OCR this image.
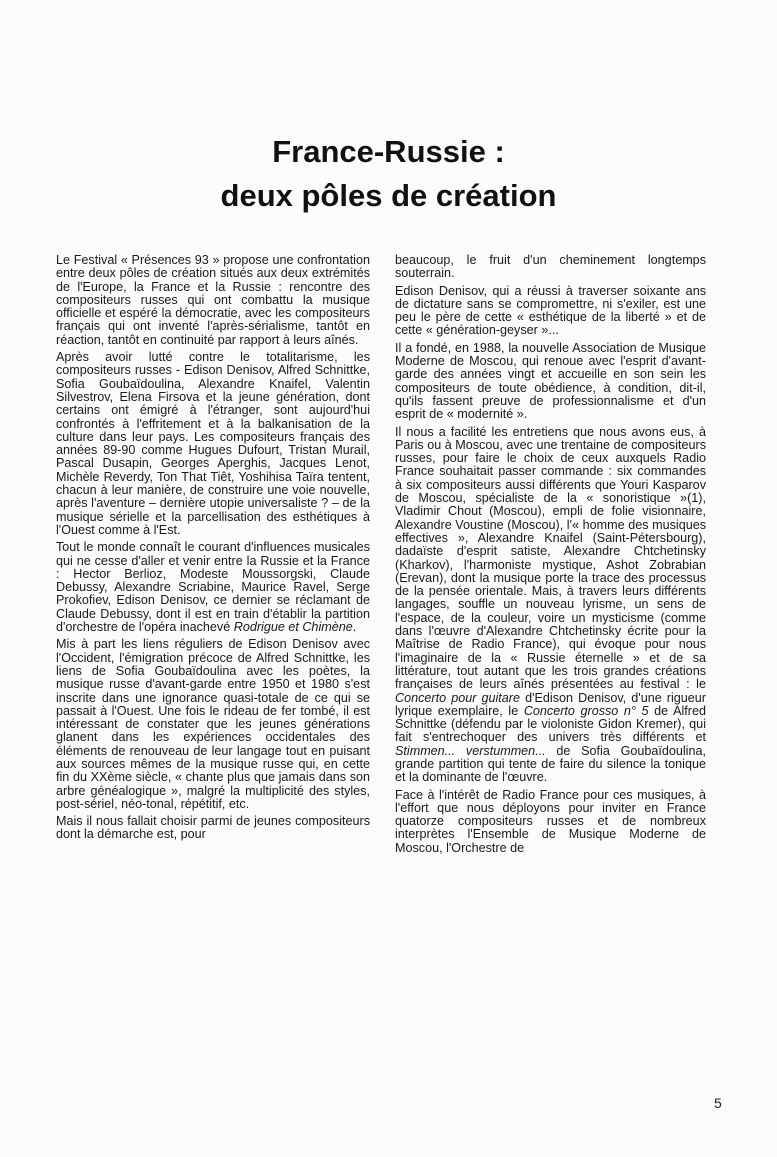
France-Russie :
deux pôles de création

Le Festival « Présences 93 » propose une confrontation entre deux pôles de création situés aux deux extrémités de l'Europe, la France et la Russie : rencontre des compositeurs russes qui ont combattu la musique officielle et espéré la démocratie, avec les compositeurs français qui ont inventé l'après-sérialisme, tantôt en réaction, tantôt en continuité par rapport à leurs aînés.

Après avoir lutté contre le totalitarisme, les compositeurs russes - Edison Denisov, Alfred Schnittke, Sofia Goubaïdoulina, Alexandre Knaifel, Valentin Silvestrov, Elena Firsova et la jeune génération, dont certains ont émigré à l'étranger, sont aujourd'hui confrontés à l'effritement et à la balkanisation de la culture dans leur pays. Les compositeurs français des années 89-90 comme Hugues Dufourt, Tristan Murail, Pascal Dusapin, Georges Aperghis, Jacques Lenot, Michèle Reverdy, Ton That Tiêt, Yoshihisa Taïra tentent, chacun à leur manière, de construire une voie nouvelle, après l'aventure – dernière utopie universaliste ? – de la musique sérielle et la parcellisation des esthétiques à l'Ouest comme à l'Est.

Tout le monde connaît le courant d'influences musicales qui ne cesse d'aller et venir entre la Russie et la France : Hector Berlioz, Modeste Moussorgski, Claude Debussy, Alexandre Scriabine, Maurice Ravel, Serge Prokofiev, Edison Denisov, ce dernier se réclamant de Claude Debussy, dont il est en train d'établir la partition d'orchestre de l'opéra inachevé Rodrigue et Chimène.

Mis à part les liens réguliers de Edison Denisov avec l'Occident, l'émigration précoce de Alfred Schnittke, les liens de Sofia Goubaïdoulina avec les poètes, la musique russe d'avant-garde entre 1950 et 1980 s'est inscrite dans une ignorance quasi-totale de ce qui se passait à l'Ouest. Une fois le rideau de fer tombé, il est intéressant de constater que les jeunes générations glanent dans les expériences occidentales des éléments de renouveau de leur langage tout en puisant aux sources mêmes de la musique russe qui, en cette fin du XXème siècle, « chante plus que jamais dans son arbre généalogique », malgré la multiplicité des styles, post-sériel, néo-tonal, répétitif, etc.

Mais il nous fallait choisir parmi de jeunes compositeurs dont la démarche est, pour

beaucoup, le fruit d'un cheminement longtemps souterrain.

Edison Denisov, qui a réussi à traverser soixante ans de dictature sans se compromettre, ni s'exiler, est une peu le père de cette « esthétique de la liberté » et de cette « génération-geyser »...

Il a fondé, en 1988, la nouvelle Association de Musique Moderne de Moscou, qui renoue avec l'esprit d'avant-garde des années vingt et accueille en son sein les compositeurs de toute obédience, à condition, dit-il, qu'ils fassent preuve de professionnalisme et d'un esprit de « modernité ».

Il nous a facilité les entretiens que nous avons eus, à Paris ou à Moscou, avec une trentaine de compositeurs russes, pour faire le choix de ceux auxquels Radio France souhaitait passer commande : six commandes à six compositeurs aussi différents que Youri Kasparov de Moscou, spécialiste de la « sonoristique »(1), Vladimir Chout (Moscou), empli de folie visionnaire, Alexandre Voustine (Moscou), l'« homme des musiques effectives », Alexandre Knaifel (Saint-Pétersbourg), dadaïste d'esprit satiste, Alexandre Chtchetinsky (Kharkov), l'harmoniste mystique, Ashot Zobrabian (Erevan), dont la musique porte la trace des processus de la pensée orientale. Mais, à travers leurs différents langages, souffle un nouveau lyrisme, un sens de l'espace, de la couleur, voire un mysticisme (comme dans l'œuvre d'Alexandre Chtchetinsky écrite pour la Maîtrise de Radio France), qui évoque pour nous l'imaginaire de la « Russie éternelle » et de sa littérature, tout autant que les trois grandes créations françaises de leurs aînés présentées au festival : le Concerto pour guitare d'Edison Denisov, d'une rigueur lyrique exemplaire, le Concerto grosso n° 5 de Alfred Schnittke (défendu par le violoniste Gidon Kremer), qui fait s'entrechoquer des univers très différents et Stimmen... verstummen... de Sofia Goubaïdoulina, grande partition qui tente de faire du silence la tonique et la dominante de l'œuvre.

Face à l'intérêt de Radio France pour ces musiques, à l'effort que nous déployons pour inviter en France quatorze compositeurs russes et de nombreux interprètes l'Ensemble de Musique Moderne de Moscou, l'Orchestre de

5
